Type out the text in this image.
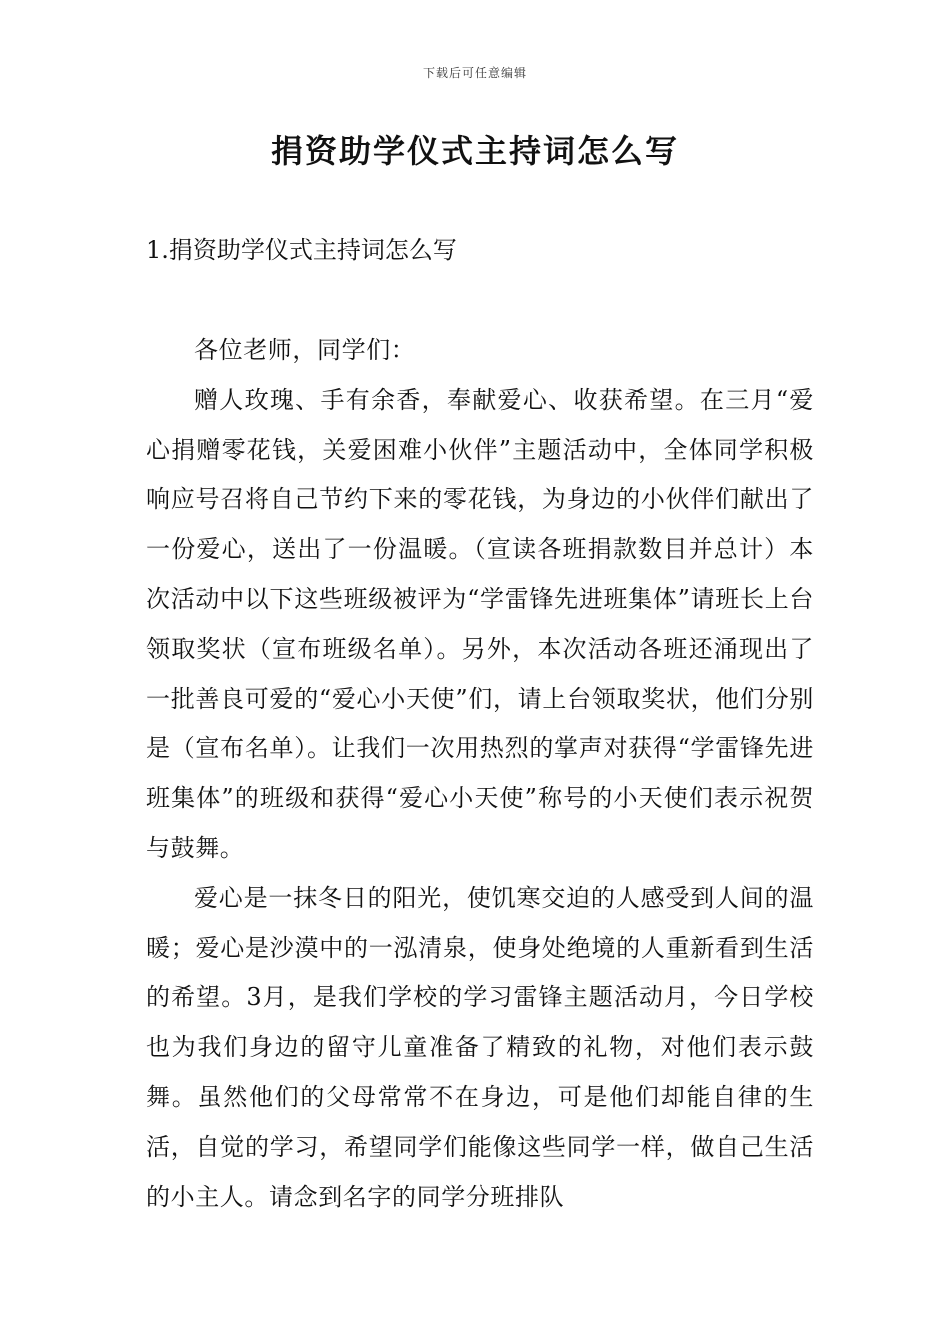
下载后可任意编辑
捐资助学仪式主持词怎么写
1.捐资助学仪式主持词怎么写

各位老师，同学们：

赠人玫瑰、手有余香，奉献爱心、收获希望。在三月“爱心捐赠零花钱，关爱困难小伙伴”主题活动中，全体同学积极响应号召将自己节约下来的零花钱，为身边的小伙伴们献出了一份爱心，送出了一份温暖。（宣读各班捐款数目并总计）本次活动中以下这些班级被评为“学雷锋先进班集体”请班长上台领取奖状（宣布班级名单）。另外，本次活动各班还涌现出了一批善良可爱的“爱心小天使”们，请上台领取奖状，他们分别是（宣布名单）。让我们一次用热烈的掌声对获得“学雷锋先进班集体”的班级和获得“爱心小天使”称号的小天使们表示祝贺与鼓舞。

爱心是一抹冬日的阳光，使饥寒交迫的人感受到人间的温暖；爱心是沙漠中的一泓清泉，使身处绝境的人重新看到生活的希望。3月，是我们学校的学习雷锋主题活动月，今日学校也为我们身边的留守儿童准备了精致的礼物，对他们表示鼓舞。虽然他们的父母常常不在身边，可是他们却能自律的生活，自觉的学习，希望同学们能像这些同学一样，做自己生活的小主人。请念到名字的同学分班排队
